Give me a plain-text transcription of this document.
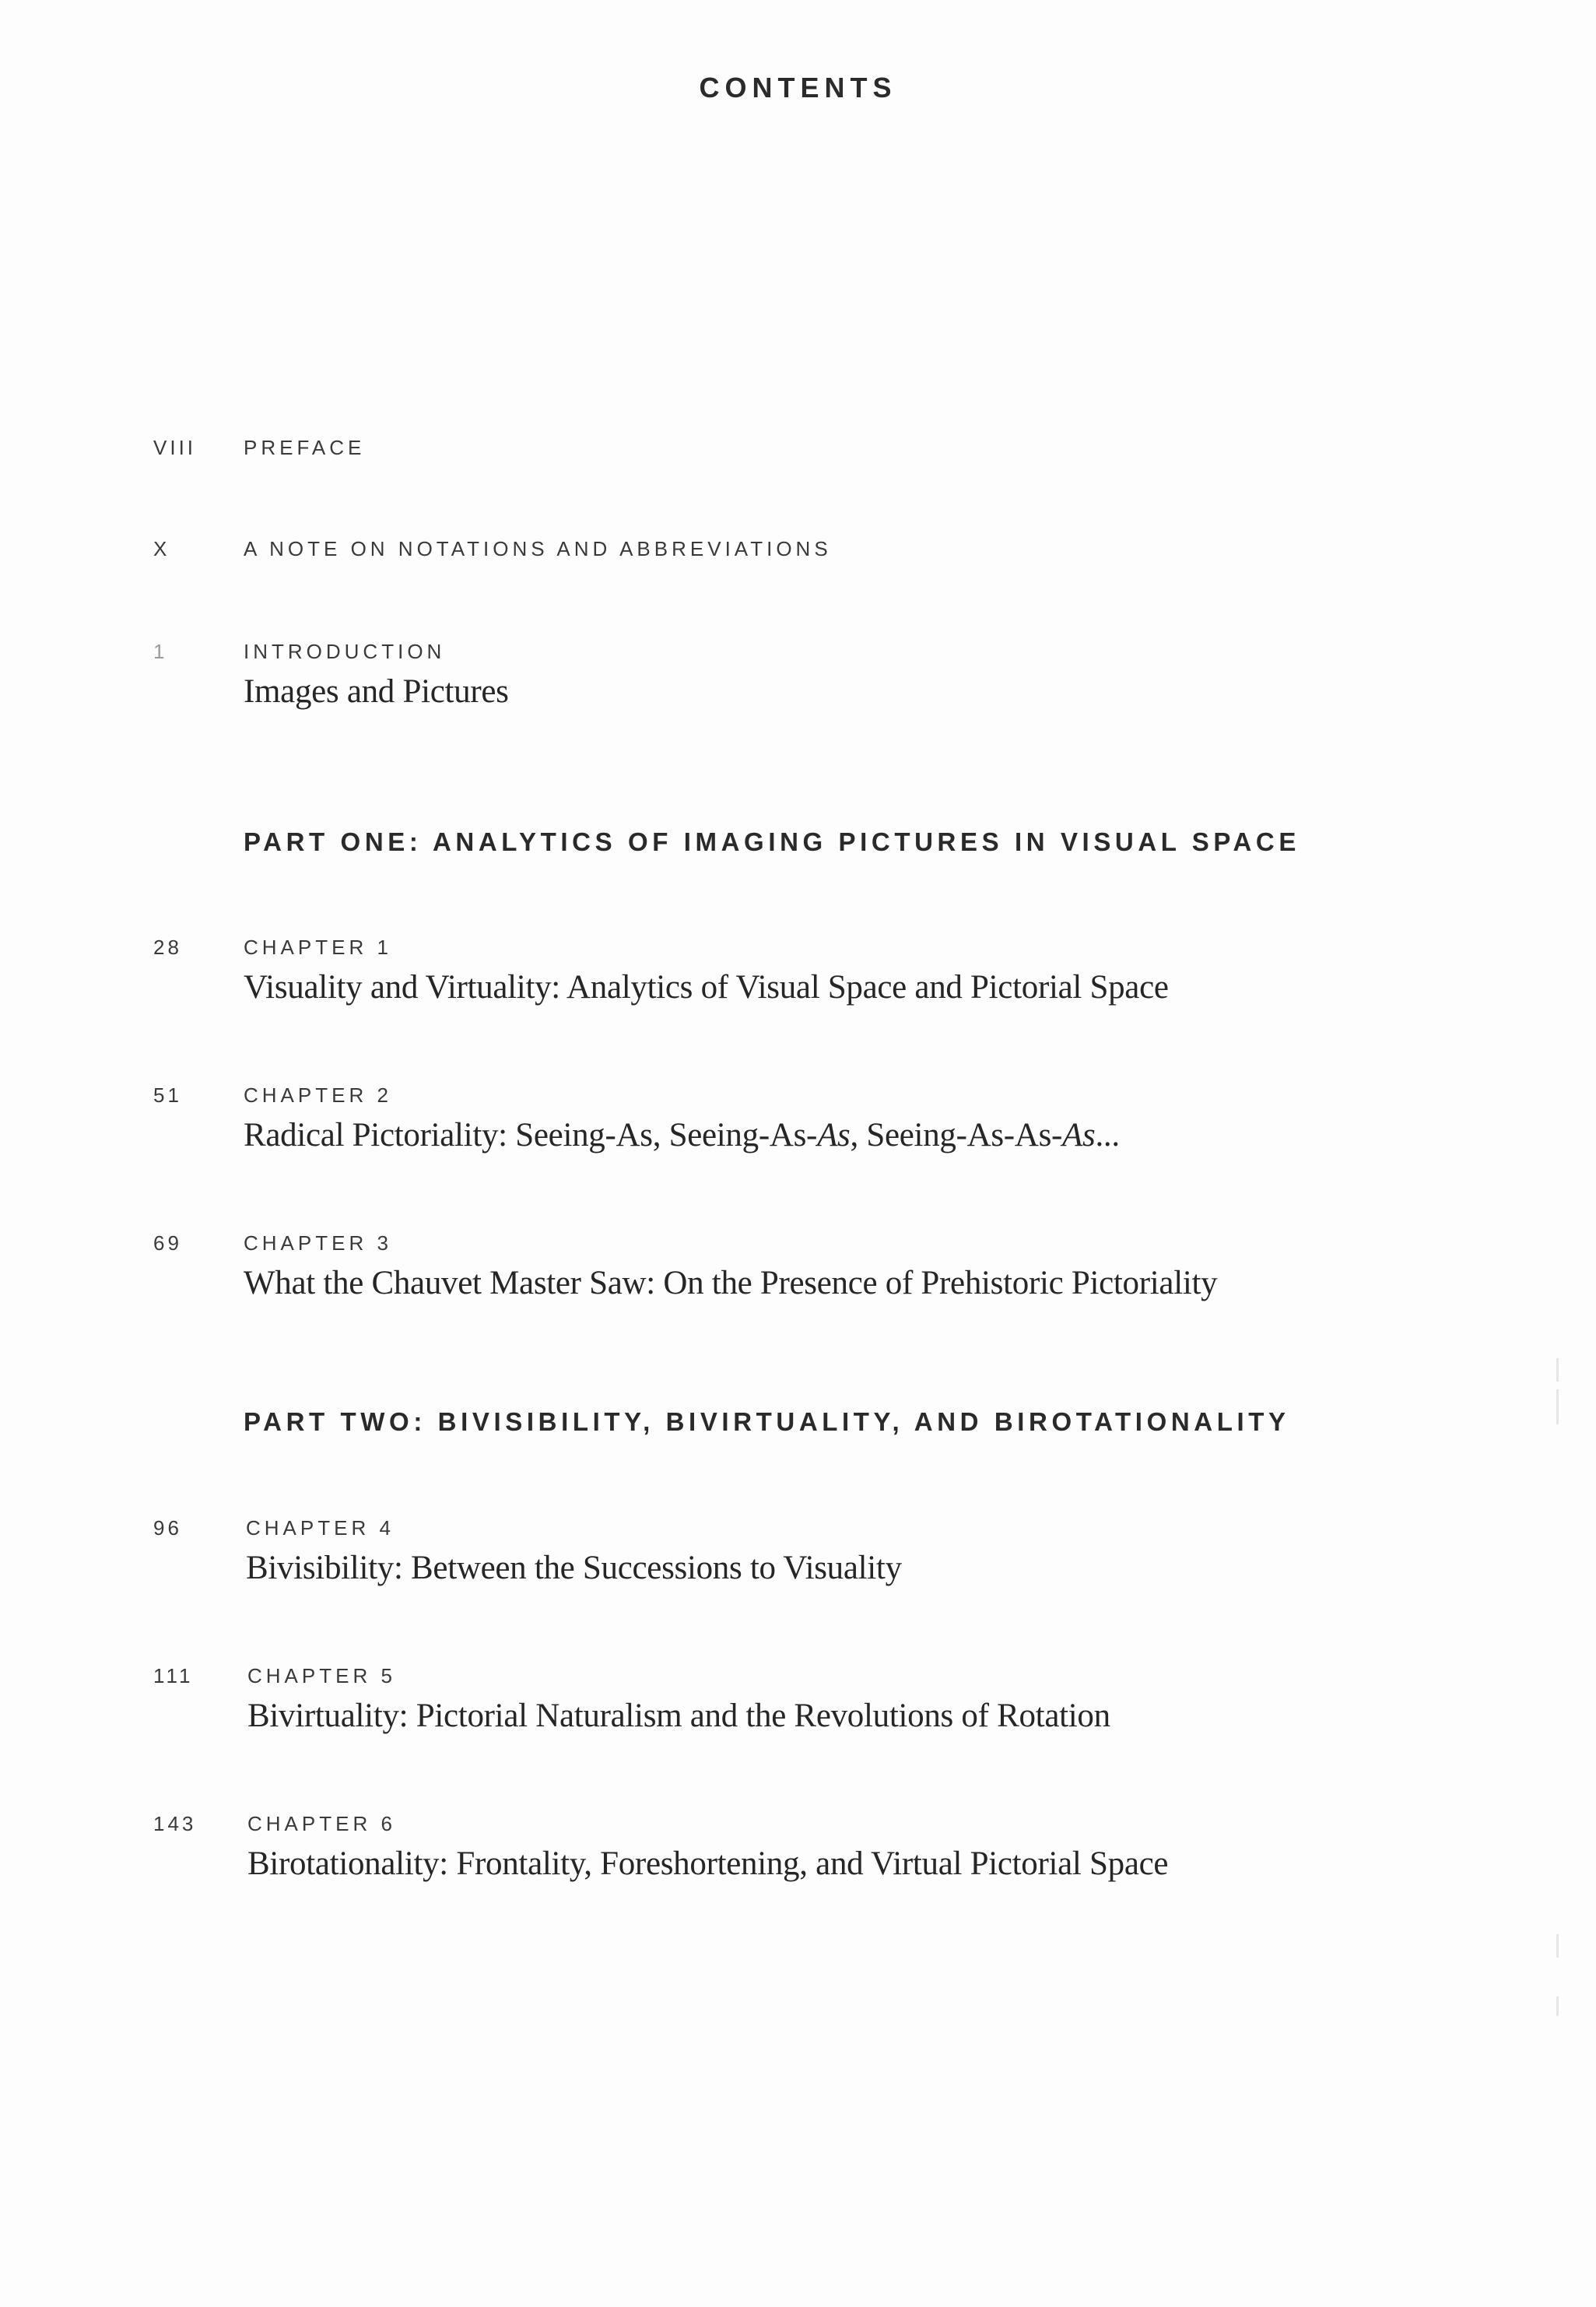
CONTENTS
VIII PREFACE
X	A NOTE ON NOTATIONS AND ABBREVIATIONS
1	INTRODUCTION
Images and Pictures
PART ONE: ANALYTICS OF IMAGING PICTURES IN VISUAL SPACE
28	CHAPTER 1
Visuality and Virtuality: Analytics of Visual Space and Pictorial Space
51	CHAPTER 2
Radical Pictoriality: Seeing-As, Seeing-As-As, Seeing-As-As-As...
69	CHAPTER 3
What the Chauvet Master Saw: On the Presence of Prehistoric Pictoriality
PART TWO: BIVISIBILITY, BIVIRTUALITY, AND BIROTATIONALITY
96	CHAPTER 4
Bivisibility: Between the Successions to Visuality
111	CHAPTER 5
Bivirtuality: Pictorial Naturalism and the Revolutions of Rotation
143	CHAPTER 6
Birotationality: Frontality, Foreshortening, and Virtual Pictorial Space
